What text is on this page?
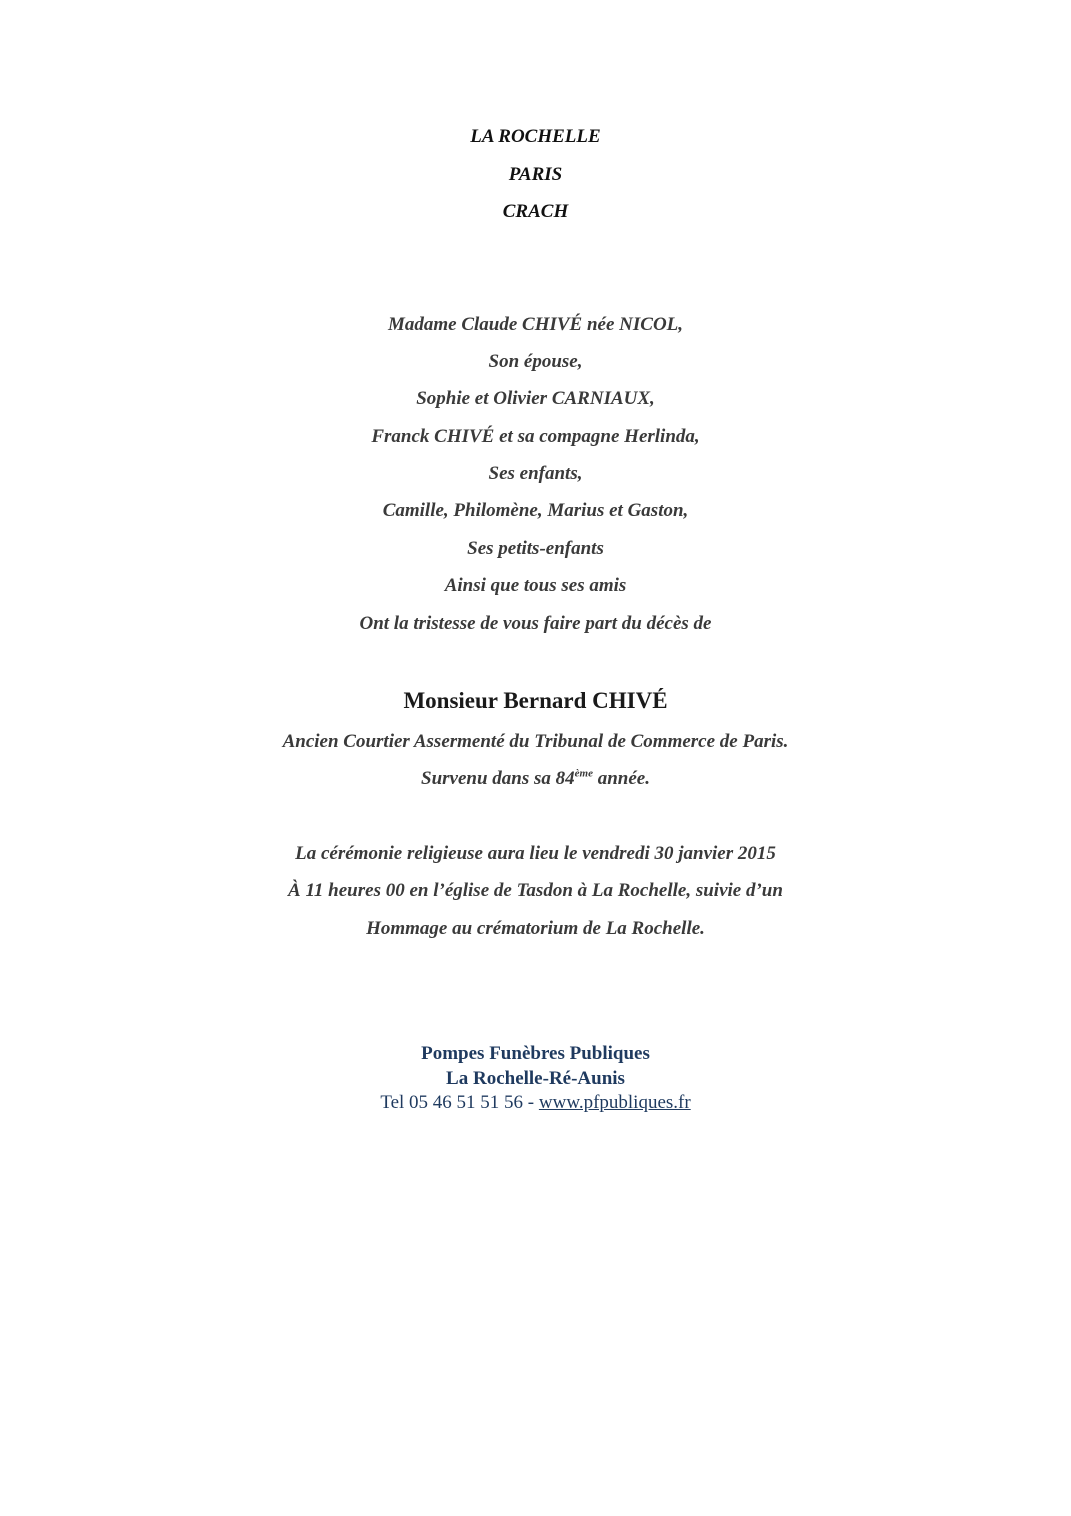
LA ROCHELLE
PARIS
CRACH
Madame Claude CHIVÉ née NICOL,
Son épouse,
Sophie et Olivier CARNIAUX,
Franck CHIVÉ et sa compagne Herlinda,
Ses enfants,
Camille, Philomène, Marius et Gaston,
Ses petits-enfants
Ainsi que tous ses amis
Ont la tristesse de vous faire part du décès de
Monsieur Bernard CHIVÉ
Ancien Courtier Assermenté du Tribunal de Commerce de Paris.
Survenu dans sa 84ème année.
La cérémonie religieuse aura lieu le vendredi 30 janvier 2015
À 11 heures 00 en l’église de Tasdon à La Rochelle, suivie d’un
Hommage au crématorium de La Rochelle.
Pompes Funèbres Publiques
La Rochelle-Ré-Aunis
Tel 05 46 51 51 56 - www.pfpubliques.fr
